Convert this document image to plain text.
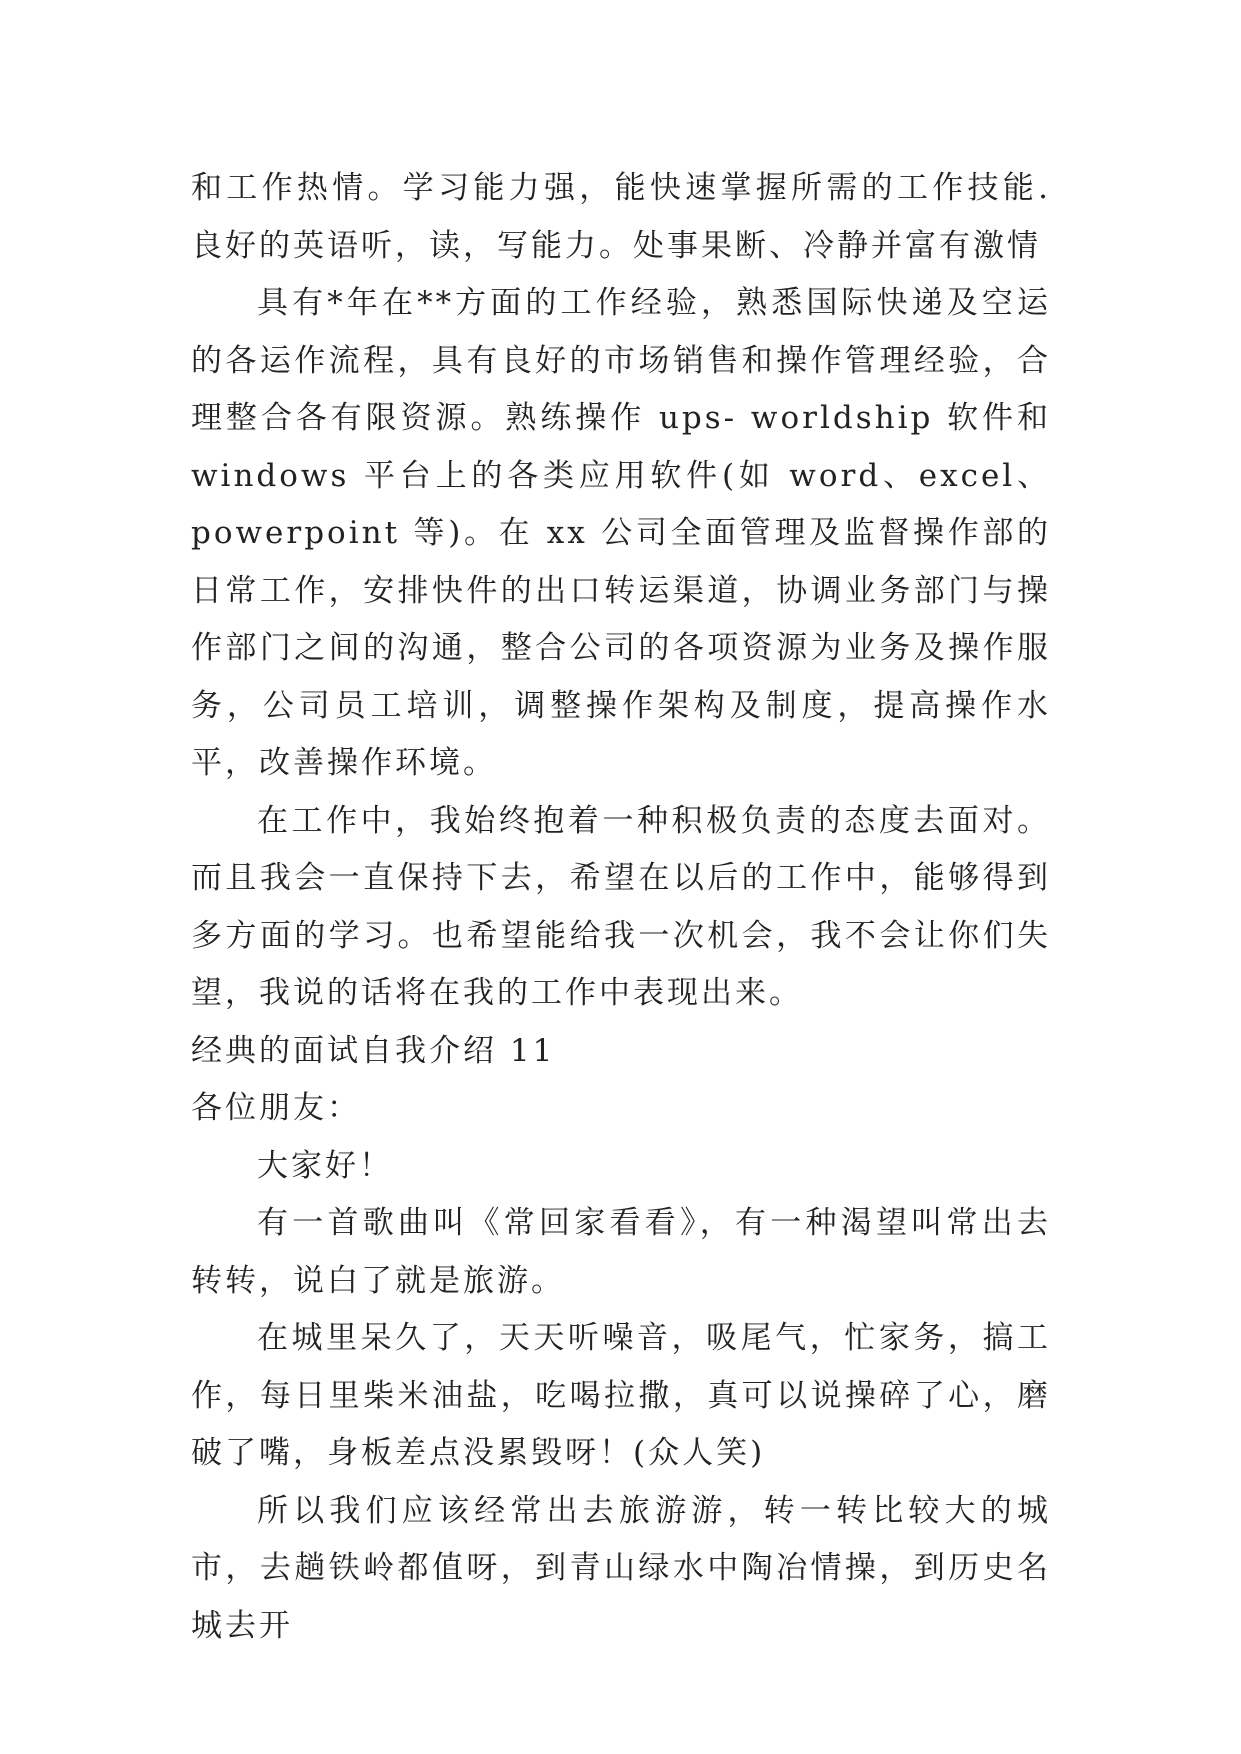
和工作热情。学习能力强，能快速掌握所需的工作技能.良好的英语听，读，写能力。处事果断、冷静并富有激情

具有*年在**方面的工作经验，熟悉国际快递及空运的各运作流程，具有良好的市场销售和操作管理经验，合理整合各有限资源。熟练操作 ups- worldship 软件和 windows 平台上的各类应用软件(如 word、excel、powerpoint 等)。在 xx 公司全面管理及监督操作部的日常工作，安排快件的出口转运渠道，协调业务部门与操作部门之间的沟通，整合公司的各项资源为业务及操作服务，公司员工培训，调整操作架构及制度，提高操作水平，改善操作环境。

在工作中，我始终抱着一种积极负责的态度去面对。而且我会一直保持下去，希望在以后的工作中，能够得到多方面的学习。也希望能给我一次机会，我不会让你们失望，我说的话将在我的工作中表现出来。

经典的面试自我介绍 11

各位朋友：

大家好！

有一首歌曲叫《常回家看看》，有一种渴望叫常出去转转，说白了就是旅游。

在城里呆久了，天天听噪音，吸尾气，忙家务，搞工作，每日里柴米油盐，吃喝拉撒，真可以说操碎了心，磨破了嘴，身板差点没累毁呀！(众人笑)

所以我们应该经常出去旅游游，转一转比较大的城市，去趟铁岭都值呀，到青山绿水中陶冶情操，到历史名城去开
